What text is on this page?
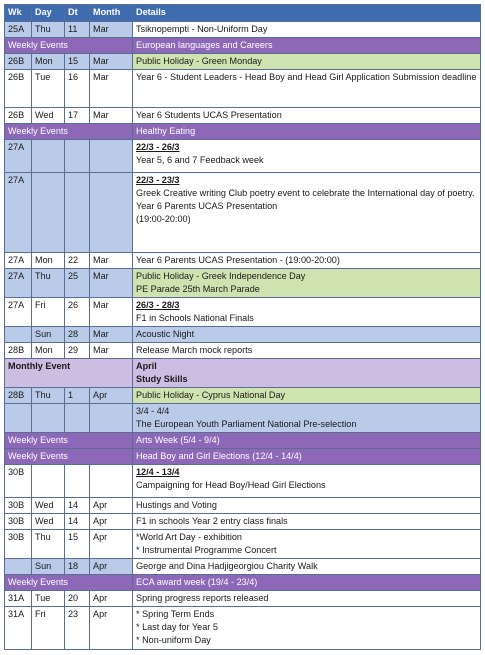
Wk	Day	Dt	Month	Details
25A	Thu	11	Mar	Tsiknopempti - Non-Uniform Day

Weekly Events				European languages and Careers

26B	Mon	15	Mar	Public Holiday - Green Monday

26B	Tue	16	Mar	Year 6 - Student Leaders - Head Boy and Head Girl Application Submission deadline

26B	Wed	17	Mar	Year 6 Students UCAS Presentation

Weekly Events				Healthy Eating

27A				22/3 - 26/3
Year 5, 6 and 7 Feedback week

27A				22/3 - 23/3
Greek Creative writing Club poetry event to celebrate the International day of poetry.
Year 6 Parents UCAS Presentation
(19:00-20:00)

27A	Mon	22	Mar	Year 6 Parents UCAS Presentation - (19:00-20:00)

27A	Thu	25	Mar	Public Holiday - Greek Independence Day
PE Parade 25th March Parade

27A	Fri	26	Mar	26/3 - 28/3
F1 in Schools National Finals

	Sun	28	Mar	Acoustic Night

28B	Mon	29	Mar	Release March mock reports

Monthly Event				April
Study Skills

28B	Thu	1	Apr	Public Holiday - Cyprus National Day

				3/4 - 4/4
The European Youth Parliament National Pre-selection

Weekly Events				Arts Week (5/4 - 9/4)

Weekly Events				Head Boy and Girl Elections (12/4 - 14/4)

30B				12/4 - 13/4
Campaigning for Head Boy/Head Girl Elections

30B	Wed	14	Apr	Hustings and Voting

30B	Wed	14	Apr	F1 in schools Year 2 entry class finals

30B	Thu	15	Apr	*World Art Day - exhibition
* Instrumental Programme Concert

	Sun	18	Apr	George and Dina Hadjigeorgiou Charity Walk

Weekly Events				ECA award week (19/4 - 23/4)

31A	Tue	20	Apr	Spring progress reports released

31A	Fri	23	Apr	* Spring Term Ends
* Last day for Year 5
* Non-uniform Day
